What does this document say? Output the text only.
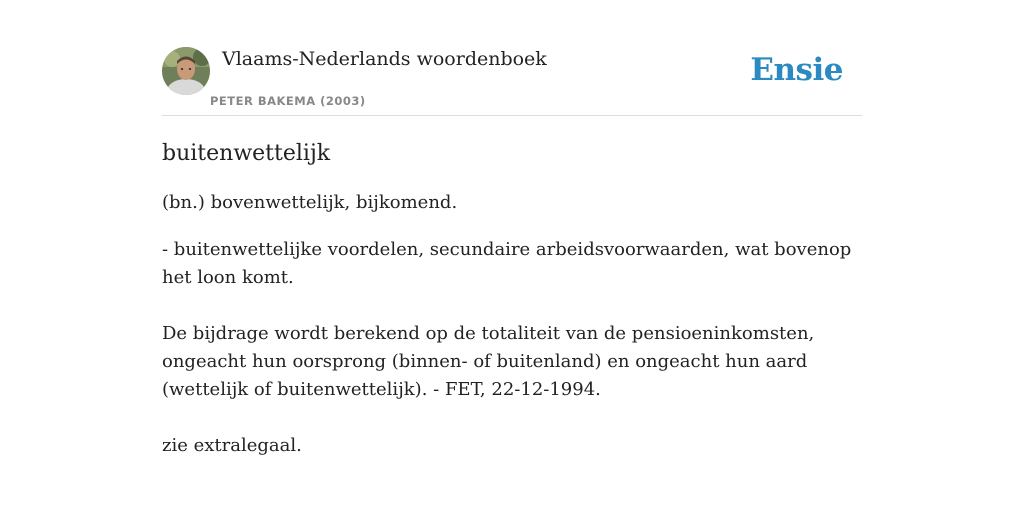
Vlaams-Nederlands woordenboek
PETER BAKEMA (2003)
Ensie
buitenwettelijk

(bn.) bovenwettelijk, bijkomend.

- buitenwettelijke voordelen, secundaire arbeidsvoorwaarden, wat bovenop het loon komt.

De bijdrage wordt berekend op de totaliteit van de pensioeninkomsten, ongeacht hun oorsprong (binnen- of buitenland) en ongeacht hun aard (wettelijk of buitenwettelijk). - FET, 22-12-1994.

zie extralegaal.
